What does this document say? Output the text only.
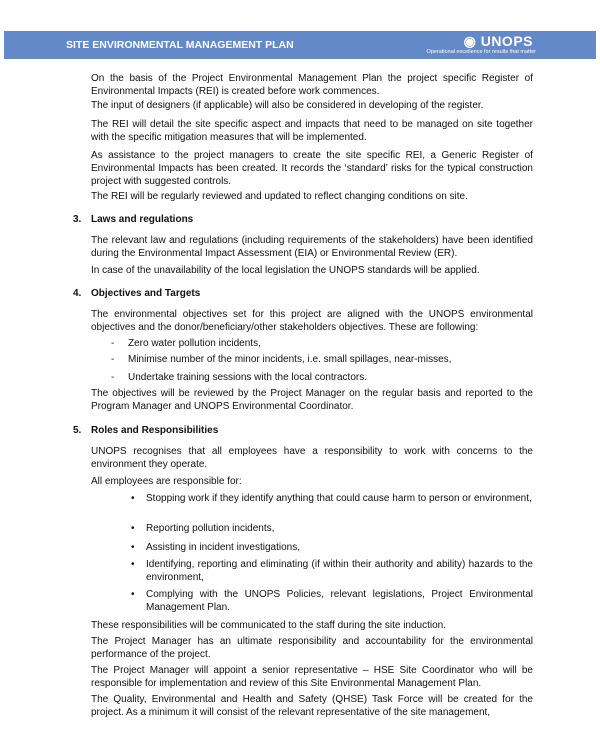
SITE ENVIRONMENTAL MANAGEMENT PLAN	◉ UNOPS
Operational excellence for results that matter
On the basis of the Project Environmental Management Plan the project specific Register of Environmental Impacts (REI) is created before work commences.
The input of designers (if applicable) will also be considered in developing of the register.
The REI will detail the site specific aspect and impacts that need to be managed on site together with the specific mitigation measures that will be implemented.
As assistance to the project managers to create the site specific REI, a Generic Register of Environmental Impacts has been created. It records the ‘standard’ risks for the typical construction project with suggested controls.
The REI will be regularly reviewed and updated to reflect changing conditions on site.
3. Laws and regulations
The relevant law and regulations (including requirements of the stakeholders) have been identified during the Environmental Impact Assessment (EIA) or Environmental Review (ER).
In case of the unavailability of the local legislation the UNOPS standards will be applied.
4. Objectives and Targets
The environmental objectives set for this project are aligned with the UNOPS environmental objectives and the donor/beneficiary/other stakeholders objectives. These are following:
- Zero water pollution incidents,
- Minimise number of the minor incidents, i.e. small spillages, near-misses,
- Undertake training sessions with the local contractors.
The objectives will be reviewed by the Project Manager on the regular basis and reported to the Program Manager and UNOPS Environmental Coordinator.
5. Roles and Responsibilities
UNOPS recognises that all employees have a responsibility to work with concerns to the environment they operate.
All employees are responsible for:
• Stopping work if they identify anything that could cause harm to person or environment,
• Reporting pollution incidents,
• Assisting in incident investigations,
• Identifying, reporting and eliminating (if within their authority and ability) hazards to the environment,
• Complying with the UNOPS Policies, relevant legislations, Project Environmental Management Plan.
These responsibilities will be communicated to the staff during the site induction.
The Project Manager has an ultimate responsibility and accountability for the environmental performance of the project.
The Project Manager will appoint a senior representative – HSE Site Coordinator who will be responsible for implementation and review of this Site Environmental Management Plan.
The Quality, Environmental and Health and Safety (QHSE) Task Force will be created for the project. As a minimum it will consist of the relevant representative of the site management,
